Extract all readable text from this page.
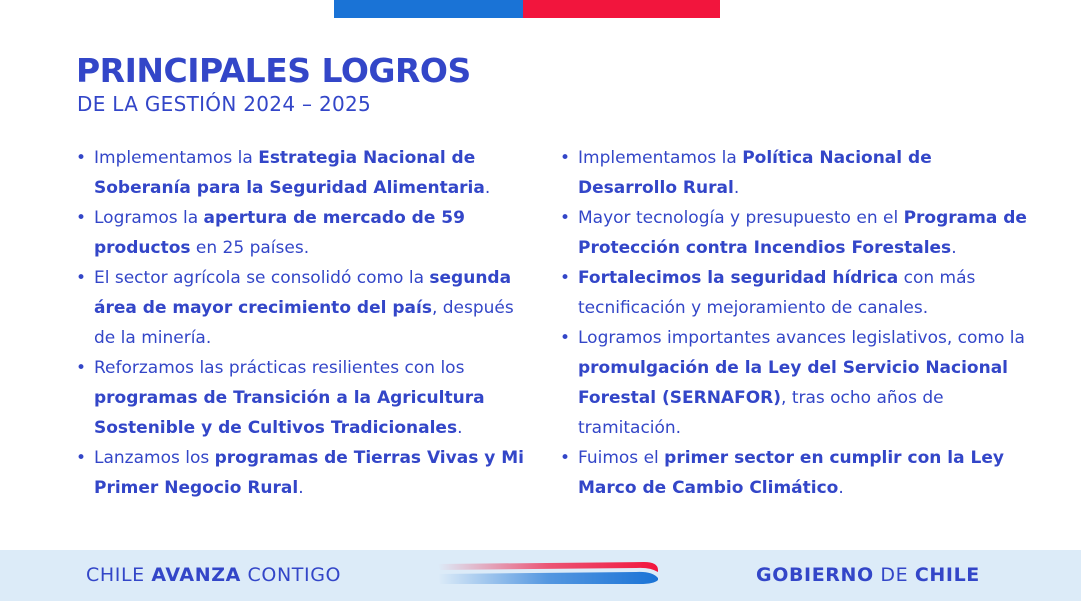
PRINCIPALES LOGROS
DE LA GESTIÓN 2024 – 2025
• Implementamos la Estrategia Nacional de Soberanía para la Seguridad Alimentaria.
• Logramos la apertura de mercado de 59 productos en 25 países.
• El sector agrícola se consolidó como la segunda área de mayor crecimiento del país, después de la minería.
• Reforzamos las prácticas resilientes con los programas de Transición a la Agricultura Sostenible y de Cultivos Tradicionales.
• Lanzamos los programas de Tierras Vivas y Mi Primer Negocio Rural.
• Implementamos la Política Nacional de Desarrollo Rural.
• Mayor tecnología y presupuesto en el Programa de Protección contra Incendios Forestales.
• Fortalecimos la seguridad hídrica con más tecnificación y mejoramiento de canales.
• Logramos importantes avances legislativos, como la promulgación de la Ley del Servicio Nacional Forestal (SERNAFOR), tras ocho años de tramitación.
• Fuimos el primer sector en cumplir con la Ley Marco de Cambio Climático.

CHILE AVANZA CONTIGO	GOBIERNO DE CHILE
